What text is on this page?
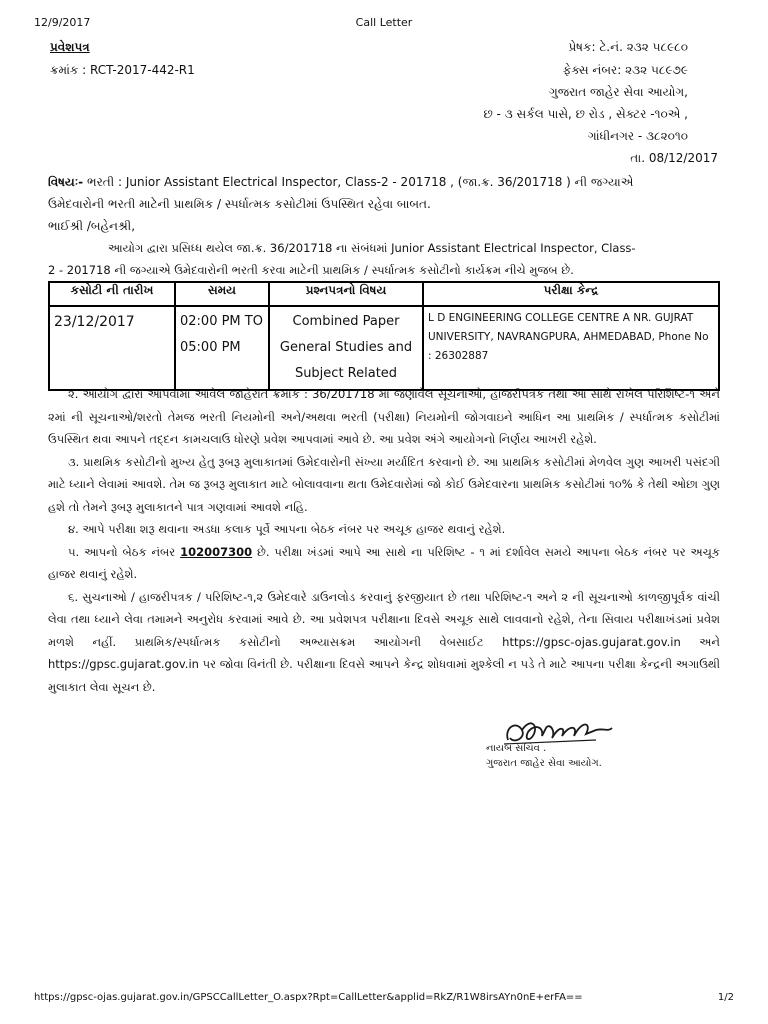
12/9/2017	Call Letter
પ્રવેશપત્ર
ક્રમાંક : RCT-2017-442-R1
પ્રેષક: ટે.નં. ૨૩૨ ૫૮૯૮૦
ફેક્સ નંબર: ૨૩૨ ૫૮૯૭૯
ગુજરાત જાહેર સેવા આયોગ,
છ - ૩ સર્કલ પાસે, છ રોડ , સેક્ટર -૧૦એ ,
ગાંધીનગર - ૩૮૨૦૧૦
તા. 08/12/2017
વિષયઃ- ભરતી : Junior Assistant Electrical Inspector, Class-2 - 201718 , (જા.ક્ર. 36/201718 ) ની જગ્યાએ
ઉમેદવારોની ભરતી માટેની પ્રાથમિક / સ્પર્ધાત્મક કસોટીમાં ઉપસ્થિત રહેવા બાબત.
ભાઈશ્રી /બહેનશ્રી,
આયોગ દ્વારા પ્રસિધ્ધ થયેલ જા.ક્ર. 36/201718 ના સંબંધમાં Junior Assistant Electrical Inspector, Class-
2 - 201718 ની જગ્યાએ ઉમેદવારોની ભરતી કરવા માટેની પ્રાથમિક / સ્પર્ધાત્મક કસોટીનો કાર્યક્રમ નીચે મુજબ છે.
કસોટી ની તારીખ	સમય	પ્રશ્નપત્રનો વિષય	પરીક્ષા કેન્દ્ર
23/12/2017	02:00 PM TO 05:00 PM	Combined Paper General Studies and Subject Related	L D ENGINEERING COLLEGE CENTRE A NR. GUJRAT UNIVERSITY, NAVRANGPURA, AHMEDABAD, Phone No : 26302887

૨. આયોગ દ્વારા આપવામાં આવેલ જાહેરાત ક્રમાંક : 36/201718 માં જણાવેલ સૂચનાઓ, હાજરીપત્રક તથા આ સાથે રાખેલ પરિશિષ્ટ-૧ અને ૨માં ની સૂચનાઓ/શરતો તેમજ ભરતી નિયમોની અને/અથવા ભરતી (પરીક્ષા) નિયમોની જોગવાઇને આધિન આ પ્રાથમિક / સ્પર્ધાત્મક કસોટીમાં ઉપસ્થિત થવા આપને તદ્દન કામચલાઉ ધોરણે પ્રવેશ આપવામાં આવે છે. આ પ્રવેશ અંગે આયોગનો નિર્ણય આખરી રહેશે.

૩. પ્રાથમિક કસોટીનો મુખ્ય હેતુ રૂબરૂ મુલાકાતમાં ઉમેદવારોની સંખ્યા મર્યાદિત કરવાનો છે. આ પ્રાથમિક કસોટીમાં મેળવેલ ગુણ આખરી પસંદગી માટે ધ્યાને લેવામાં આવશે. તેમ જ રૂબરૂ મુલાકાત માટે બોલાવવાના થતા ઉમેદવારોમાં જો કોઈ ઉમેદવારના પ્રાથમિક કસોટીમાં ૧૦% કે તેથી ઓછા ગુણ હશે તો તેમને રૂબરૂ મુલાકાતને પાત્ર ગણવામાં આવશે નહિ.

૪. આપે પરીક્ષા શરૂ થવાના અડધા કલાક પૂર્વે આપના બેઠક નંબર પર અચૂક હાજર થવાનું રહેશે.

૫. આપનો બેઠક નંબર 102007300 છે. પરીક્ષા ખંડમાં આપે આ સાથે ના પરિશિષ્ટ - ૧ માં દર્શાવેલ સમયે આપના બેઠક નંબર પર અચૂક હાજર થવાનું રહેશે.

૬. સુચનાઓ / હાજરીપત્રક / પરિશિષ્ટ-૧,૨ ઉમેદવારે ડાઉનલોડ કરવાનું ફરજીયાત છે તથા પરિશિષ્ટ-૧ અને ૨ ની સૂચનાઓ કાળજીપૂર્વક વાંચી લેવા તથા ધ્યાને લેવા તમામને અનુરોધ કરવામાં આવે છે. આ પ્રવેશપત્ર પરીક્ષાના દિવસે અચૂક સાથે લાવવાનો રહેશે, તેના સિવાય પરીક્ષાખંડમાં પ્રવેશ મળશે નહીં. પ્રાથમિક/સ્પર્ધાત્મક કસોટીનો અભ્યાસક્રમ આયોગની વેબસાઈટ https://gpsc-ojas.gujarat.gov.in અને https://gpsc.gujarat.gov.in પર જોવા વિનંતી છે. પરીક્ષાના દિવસે આપને કેન્દ્ર શોધવામાં મુશ્કેલી ન પડે તે માટે આપના પરીક્ષા કેન્દ્રની અગાઉથી મુલાકાત લેવા સૂચન છે.

નાયબ સચિવ .
ગુજરાત જાહેર સેવા આયોગ.
https://gpsc-ojas.gujarat.gov.in/GPSCCallLetter_O.aspx?Rpt=CallLetter&applid=RkZ/R1W8irsAYn0nE+erFA==	1/2
